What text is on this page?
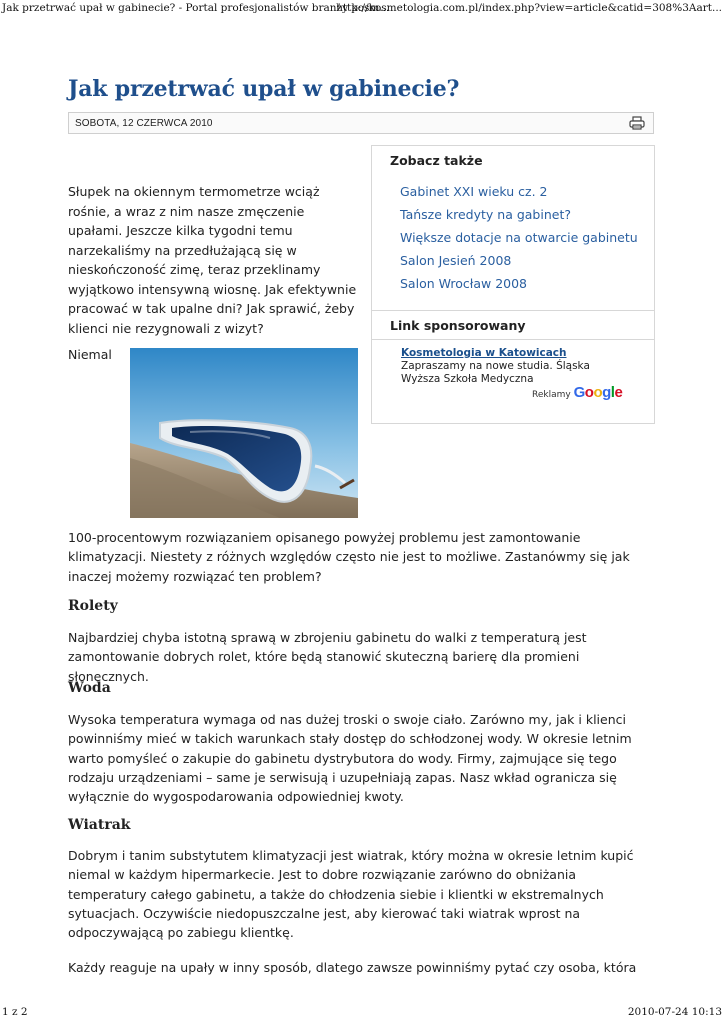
Jak przetrwać upał w gabinecie? - Portal profesjonalistów branży kosm...
http://kosmetologia.com.pl/index.php?view=article&catid=308%3Aart...
Jak przetrwać upał w gabinecie?
SOBOTA, 12 CZERWCA 2010
Zobacz także
Gabinet XXI wieku cz. 2
Tańsze kredyty na gabinet?
Większe dotacje na otwarcie gabinetu
Salon Jesień 2008
Salon Wrocław 2008
Link sponsorowany
Kosmetologia w Katowicach
Zapraszamy na nowe studia. Śląska Wyższa Szkoła Medyczna
Reklamy Google

Słupek na okiennym termometrze wciąż rośnie, a wraz z nim nasze zmęczenie upałami. Jeszcze kilka tygodni temu narzekaliśmy na przedłużającą się w nieskończoność zimę, teraz przeklinamy wyjątkowo intensywną wiosnę. Jak efektywnie pracować w tak upalne dni? Jak sprawić, żeby klienci nie rezygnowali z wizyt?

Niemal

100-procentowym rozwiązaniem opisanego powyżej problemu jest zamontowanie klimatyzacji. Niestety z różnych względów często nie jest to możliwe. Zastanówmy się jak inaczej możemy rozwiązać ten problem?

Rolety

Najbardziej chyba istotną sprawą w zbrojeniu gabinetu do walki z temperaturą jest zamontowanie dobrych rolet, które będą stanowić skuteczną barierę dla promieni słonecznych.

Woda

Wysoka temperatura wymaga od nas dużej troski o swoje ciało. Zarówno my, jak i klienci powinniśmy mieć w takich warunkach stały dostęp do schłodzonej wody. W okresie letnim warto pomyśleć o zakupie do gabinetu dystrybutora do wody. Firmy, zajmujące się tego rodzaju urządzeniami – same je serwisują i uzupełniają zapas. Nasz wkład ogranicza się wyłącznie do wygospodarowania odpowiedniej kwoty.

Wiatrak

Dobrym i tanim substytutem klimatyzacji jest wiatrak, który można w okresie letnim kupić niemal w każdym hipermarkecie. Jest to dobre rozwiązanie zarówno do obniżania temperatury całego gabinetu, a także do chłodzenia siebie i klientki w ekstremalnych sytuacjach. Oczywiście niedopuszczalne jest, aby kierować taki wiatrak wprost na odpoczywającą po zabiegu klientkę.

Każdy reaguje na upały w inny sposób, dlatego zawsze powinniśmy pytać czy osoba, która

1 z 2	2010-07-24 10:13
